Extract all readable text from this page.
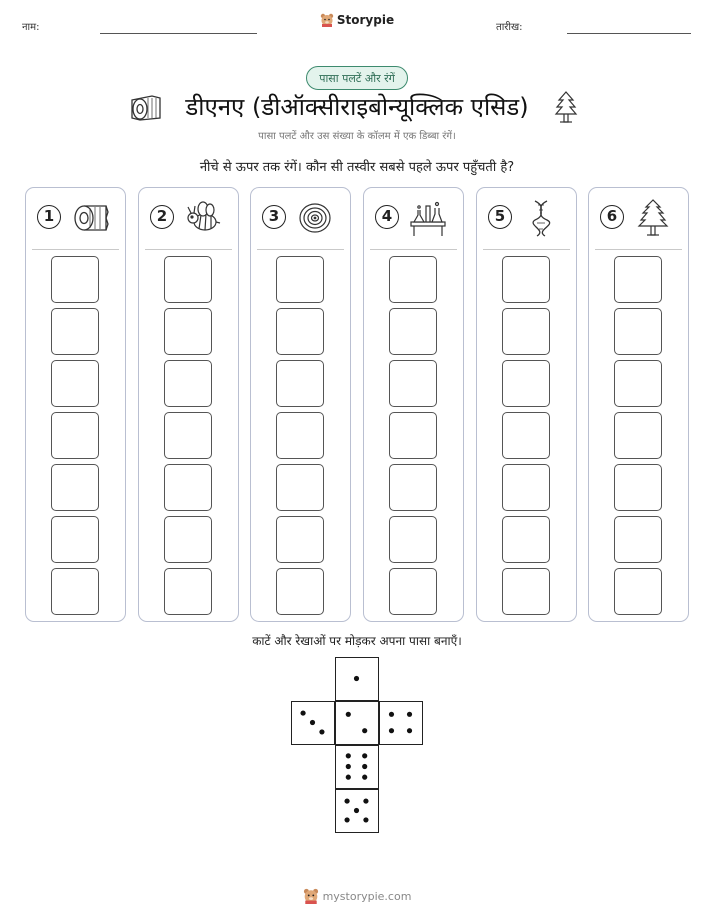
नाम:
Storypie
तारीख:
पासा पलटें और रंगें
डीएनए (डीऑक्सीराइबोन्यूक्लिक एसिड)
पासा पलटें और उस संख्या के कॉलम में एक डिब्बा रंगें।
नीचे से ऊपर तक रंगें। कौन सी तस्वीर सबसे पहले ऊपर पहुँचती है?
1	2	3	4	5	6
काटें और रेखाओं पर मोड़कर अपना पासा बनाएँ।
mystorypie.com
